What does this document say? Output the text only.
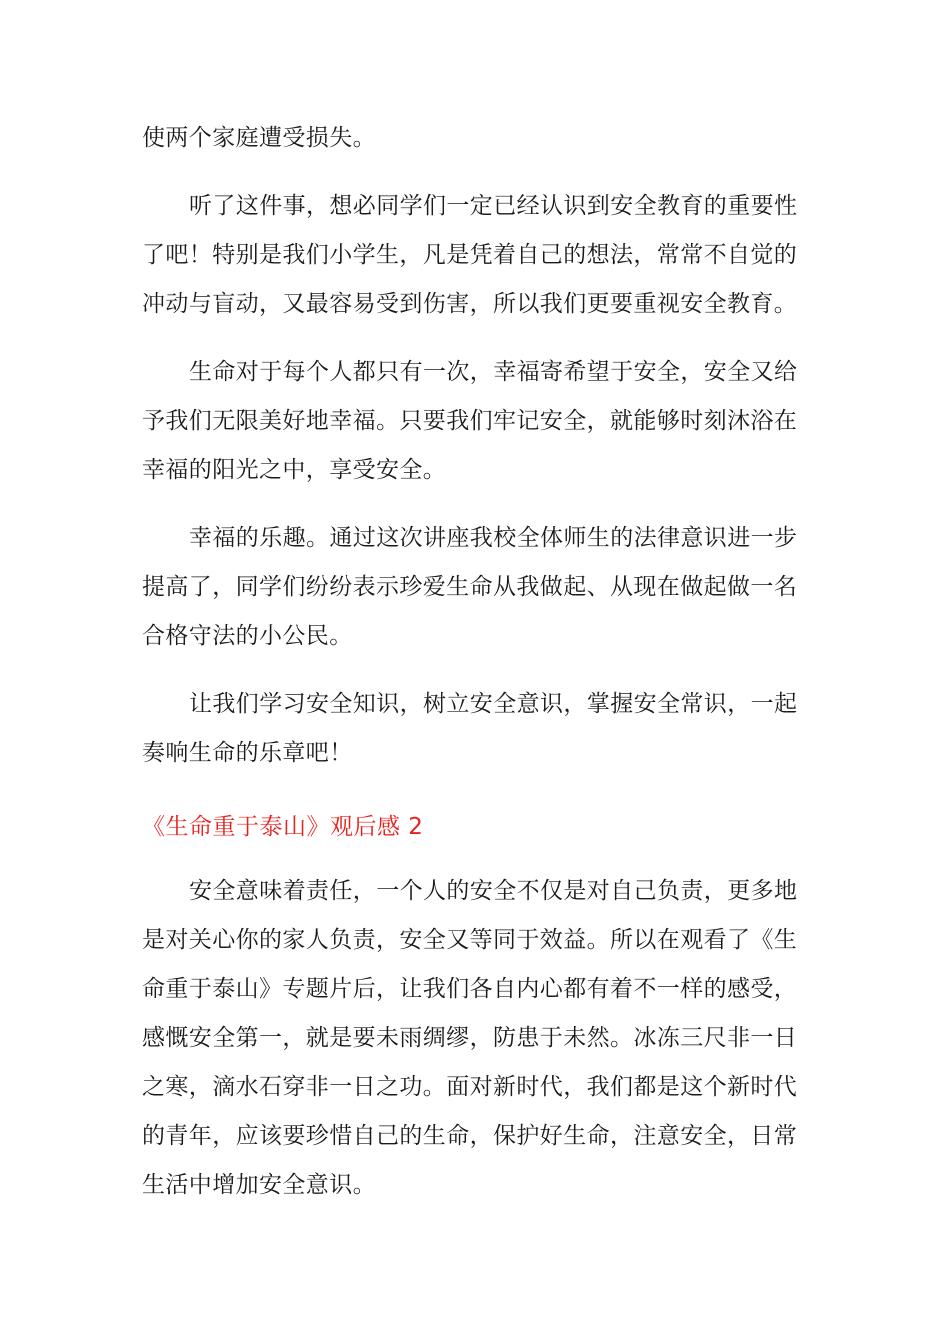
使两个家庭遭受损失。
听了这件事，想必同学们一定已经认识到安全教育的重要性
了吧！特别是我们小学生，凡是凭着自己的想法，常常不自觉的
冲动与盲动，又最容易受到伤害，所以我们更要重视安全教育。
生命对于每个人都只有一次，幸福寄希望于安全，安全又给
予我们无限美好地幸福。只要我们牢记安全，就能够时刻沐浴在
幸福的阳光之中，享受安全。
幸福的乐趣。通过这次讲座我校全体师生的法律意识进一步
提高了，同学们纷纷表示珍爱生命从我做起、从现在做起做一名
合格守法的小公民。
让我们学习安全知识，树立安全意识，掌握安全常识，一起
奏响生命的乐章吧！
《生命重于泰山》观后感 2
安全意味着责任，一个人的安全不仅是对自己负责，更多地
是对关心你的家人负责，安全又等同于效益。所以在观看了《生
命重于泰山》专题片后，让我们各自内心都有着不一样的感受，
感慨安全第一，就是要未雨绸缪，防患于未然。冰冻三尺非一日
之寒，滴水石穿非一日之功。面对新时代，我们都是这个新时代
的青年，应该要珍惜自己的生命，保护好生命，注意安全，日常
生活中增加安全意识。
